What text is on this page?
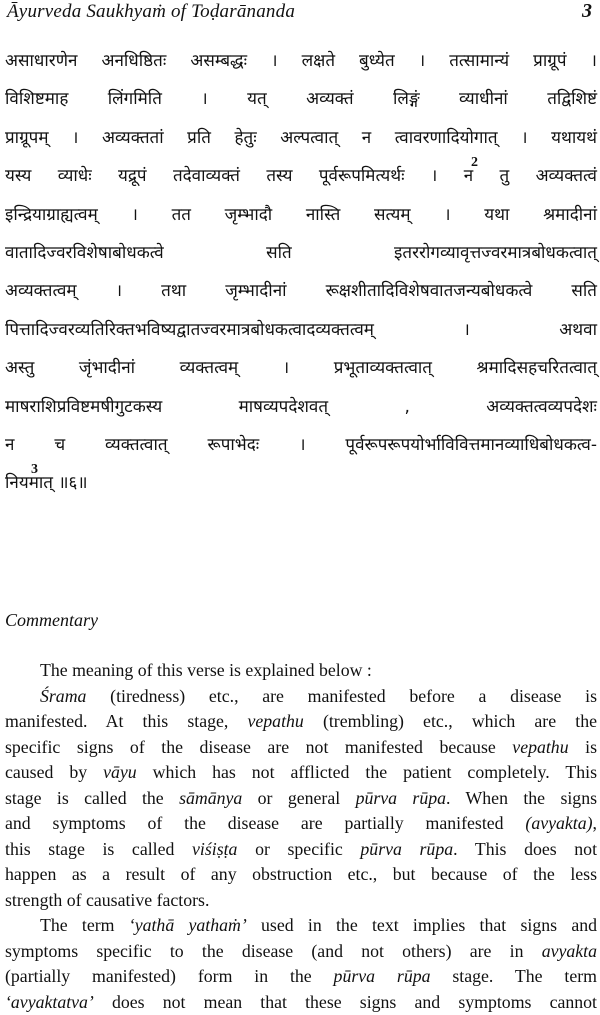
Āyurveda Saukhyaṁ of Toḍarānanda	3
असाधारणेन अनधिष्ठितः असम्बद्धः । लक्षते बुध्येत । तत्सामान्यं प्राग्रूपं ।
विशिष्टमाह लिंगमिति । यत् अव्यक्तं लिङ्गं व्याधीनां तद्विशिष्टं
प्राग्रूपम् । अव्यक्ततां प्रति हेतुः अल्पत्वात् न त्वावरणादियोगात् । यथायथं
यस्य व्याधेः यद्रूपं तदेवाव्यक्तं तस्य पूर्वरूपमित्यर्थः । न तु अव्यक्तत्वं
2
इन्द्रियाग्राह्यत्वम् । तत जृम्भादौ नास्ति सत्यम् । यथा श्रमादीनां
वातादिज्वरविशेषाबोधकत्वे सति इतररोगव्यावृत्तज्वरमात्रबोधकत्वात्
अव्यक्तत्वम् । तथा जृम्भादीनां रूक्षशीतादिविशेषवातजन्यबोधकत्वे सति
पित्तादिज्वरव्यतिरिक्तभविष्यद्वातज्वरमात्रबोधकत्वादव्यक्तत्वम् । अथवा
अस्तु जृंभादीनां व्यक्तत्वम् । प्रभूताव्यक्तत्वात् श्रमादिसहचरितत्वात्
माषराशिप्रविष्टमषीगुटकस्य माषव्यपदेशवत् , अव्यक्तत्वव्यपदेशः
न च व्यक्तत्वात् रूपाभेदः । पूर्वरूपरूपयोर्भाविवित्तमानव्याधिबोधकत्व-
नियमात् ॥६॥
3
Commentary
The meaning of this verse is explained below :
Śrama (tiredness) etc., are manifested before a disease is
manifested. At this stage, vepathu (trembling) etc., which are the
specific signs of the disease are not manifested because vepathu is
caused by vāyu which has not afflicted the patient completely. This
stage is called the sāmānya or general pūrva rūpa. When the signs
and symptoms of the disease are partially manifested (avyakta),
this stage is called viśiṣṭa or specific pūrva rūpa. This does not
happen as a result of any obstruction etc., but because of the less
strength of causative factors.
The term ‘yathā yathaṁ’ used in the text implies that signs and
symptoms specific to the disease (and not others) are in avyakta
(partially manifested) form in the pūrva rūpa stage. The term
‘avyaktatva’ does not mean that these signs and symptoms cannot
